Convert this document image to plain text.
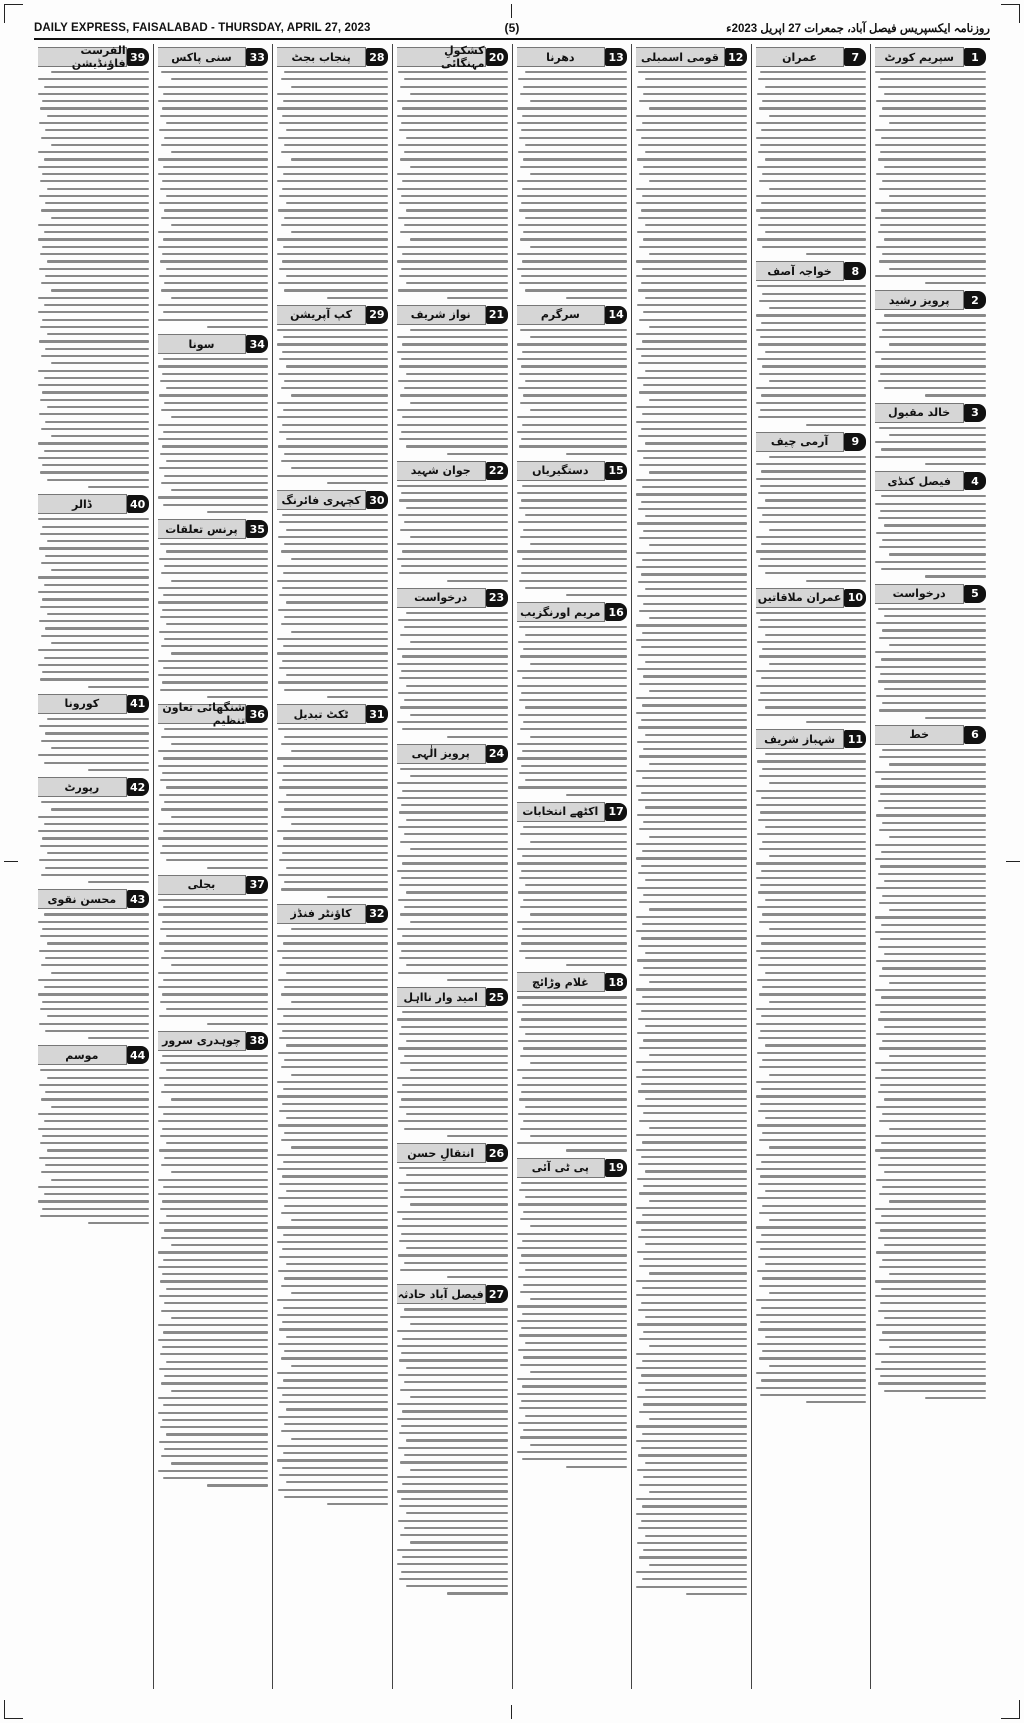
DAILY EXPRESS, FAISALABAD - THURSDAY, APRIL 27, 2023	(5)	روزنامہ ایکسپریس فیصل آباد، جمعرات 27 اپریل 2023ء
1
سپریم کورٹ
2
پرویز رشید
3
خالد مقبول
4
فیصل کنڈی
5
درخواست
6
خط
7
عمران
8
خواجہ آصف
9
آرمی چیف
10
عمران ملاقاتیں
11
شہباز شریف
12
قومی اسمبلی
13
دھرنا
14
سرگرم
15
دستگیریاں
16
مریم اورنگزیب
17
اکٹھے انتخابات
18
غلام وڑائچ
19
پی ٹی آئی
20
کشکولِ مہنگائی
21
نواز شریف
22
جوان شہید
23
درخواست
24
پرویز الٰہی
25
امید وار نااہل
26
انتقالِ حسن
27
فیصل آباد حادثہ
28
پنجاب بجٹ
29
کپ آپریشن
30
کچہری فائرنگ
31
ٹکٹ تبدیل
32
کاؤنٹر فنڈز
33
سنی پاکس
34
سونا
35
پرنس تعلقات
36
شنگھائی تعاون تنظیم
37
بجلی
38
چوہدری سرور
39
الفرست فاؤنڈیشن
40
ڈالر
41
کورونا
42
رپورٹ
43
محسن نقوی
44
موسم
